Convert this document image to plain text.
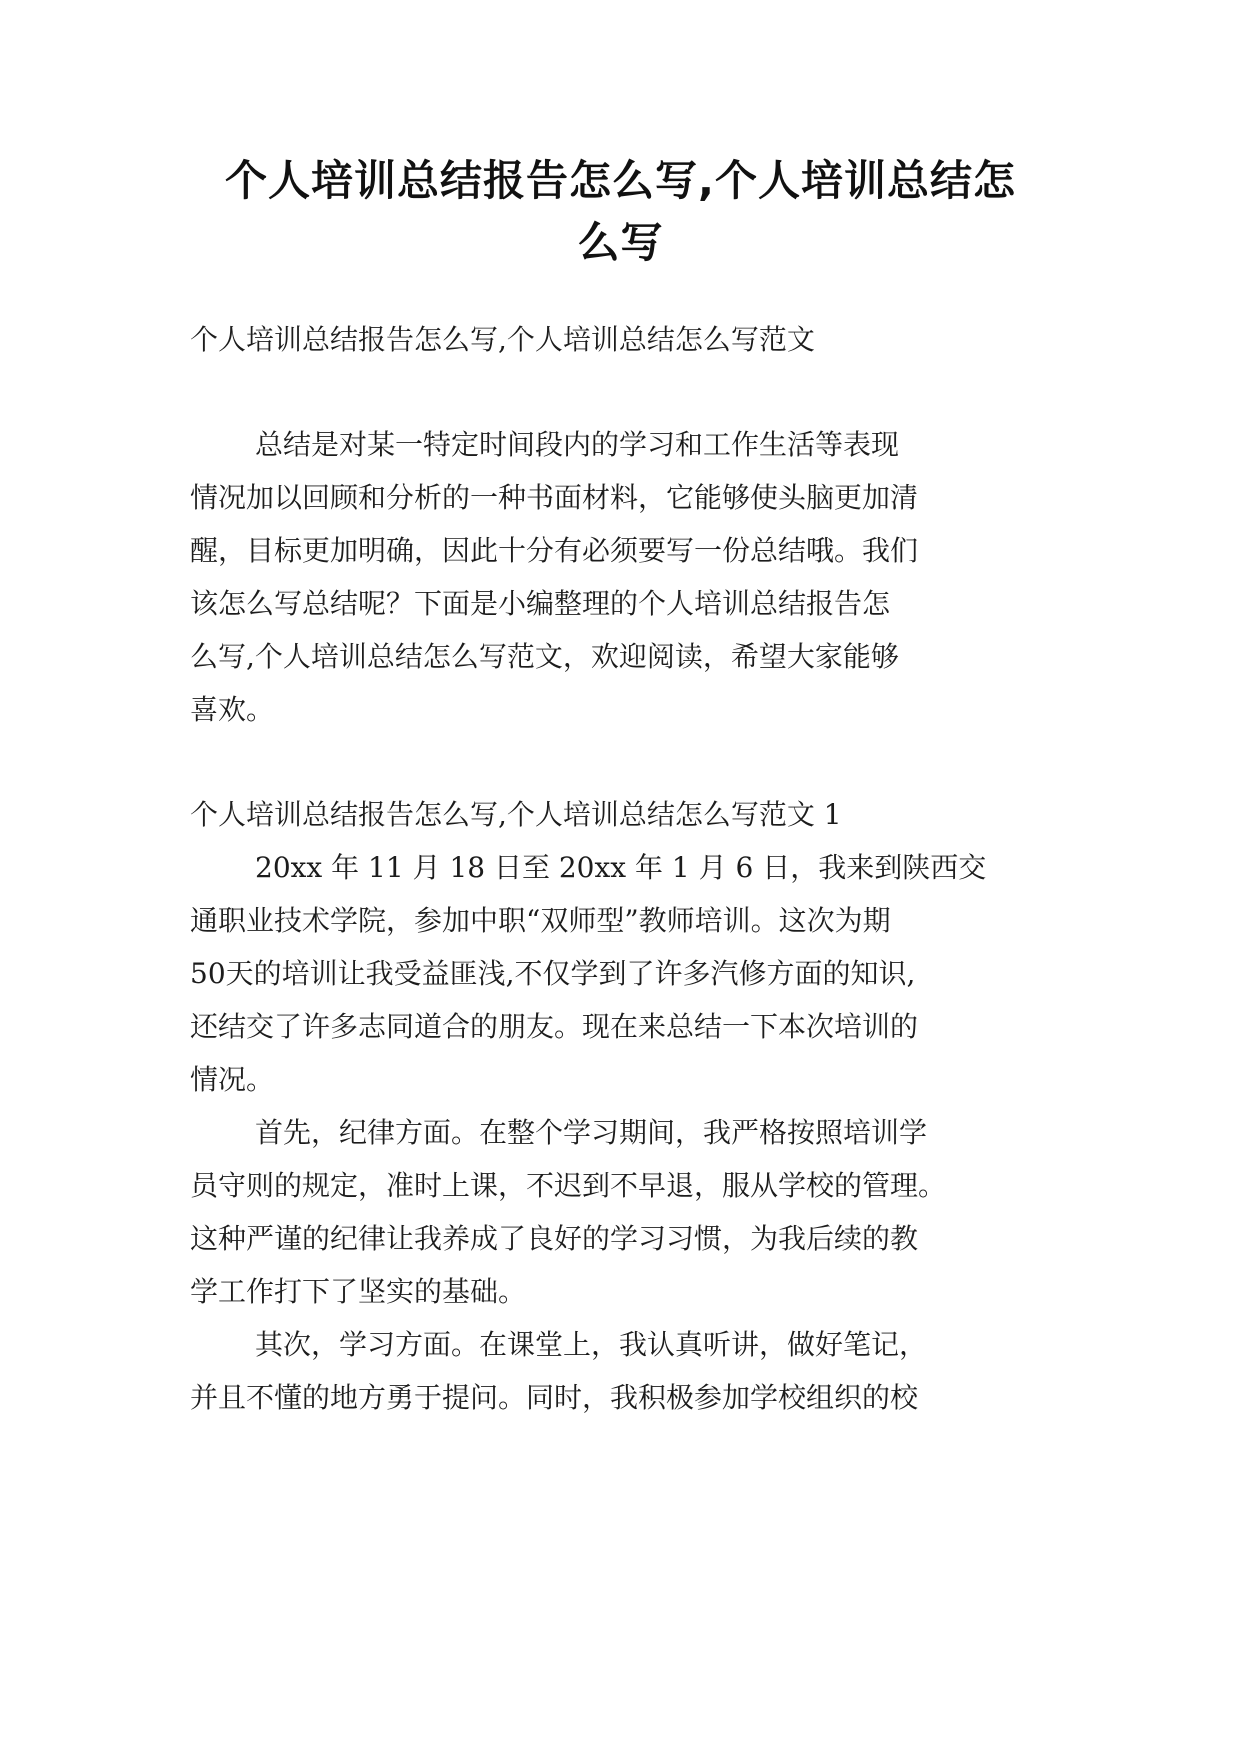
个人培训总结报告怎么写,个人培训总结怎
么写
个人培训总结报告怎么写,个人培训总结怎么写范文
总结是对某一特定时间段内的学习和工作生活等表现
情况加以回顾和分析的一种书面材料，它能够使头脑更加清
醒，目标更加明确，因此十分有必须要写一份总结哦。我们
该怎么写总结呢？下面是小编整理的个人培训总结报告怎
么写,个人培训总结怎么写范文，欢迎阅读，希望大家能够
喜欢。
个人培训总结报告怎么写,个人培训总结怎么写范文 1
20xx 年 11 月 18 日至 20xx 年 1 月 6 日，我来到陕西交
通职业技术学院，参加中职“双师型”教师培训。这次为期
50天的培训让我受益匪浅,不仅学到了许多汽修方面的知识,
还结交了许多志同道合的朋友。现在来总结一下本次培训的
情况。
首先，纪律方面。在整个学习期间，我严格按照培训学
员守则的规定，准时上课，不迟到不早退，服从学校的管理。
这种严谨的纪律让我养成了良好的学习习惯，为我后续的教
学工作打下了坚实的基础。
其次，学习方面。在课堂上，我认真听讲，做好笔记，
并且不懂的地方勇于提问。同时，我积极参加学校组织的校
